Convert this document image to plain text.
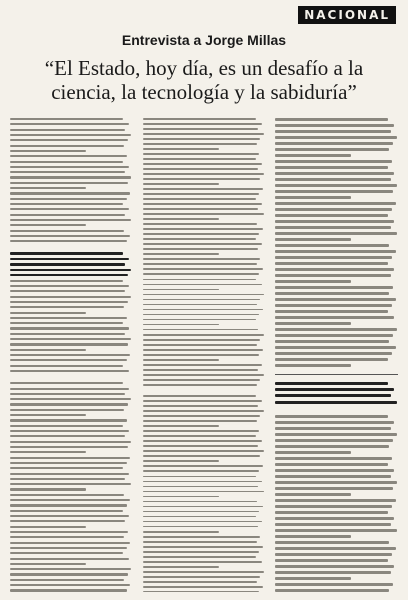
NACIONAL
Entrevista a Jorge Millas
“El Estado, hoy día, es un desafío a la ciencia, la tecnología y la sabiduría”
